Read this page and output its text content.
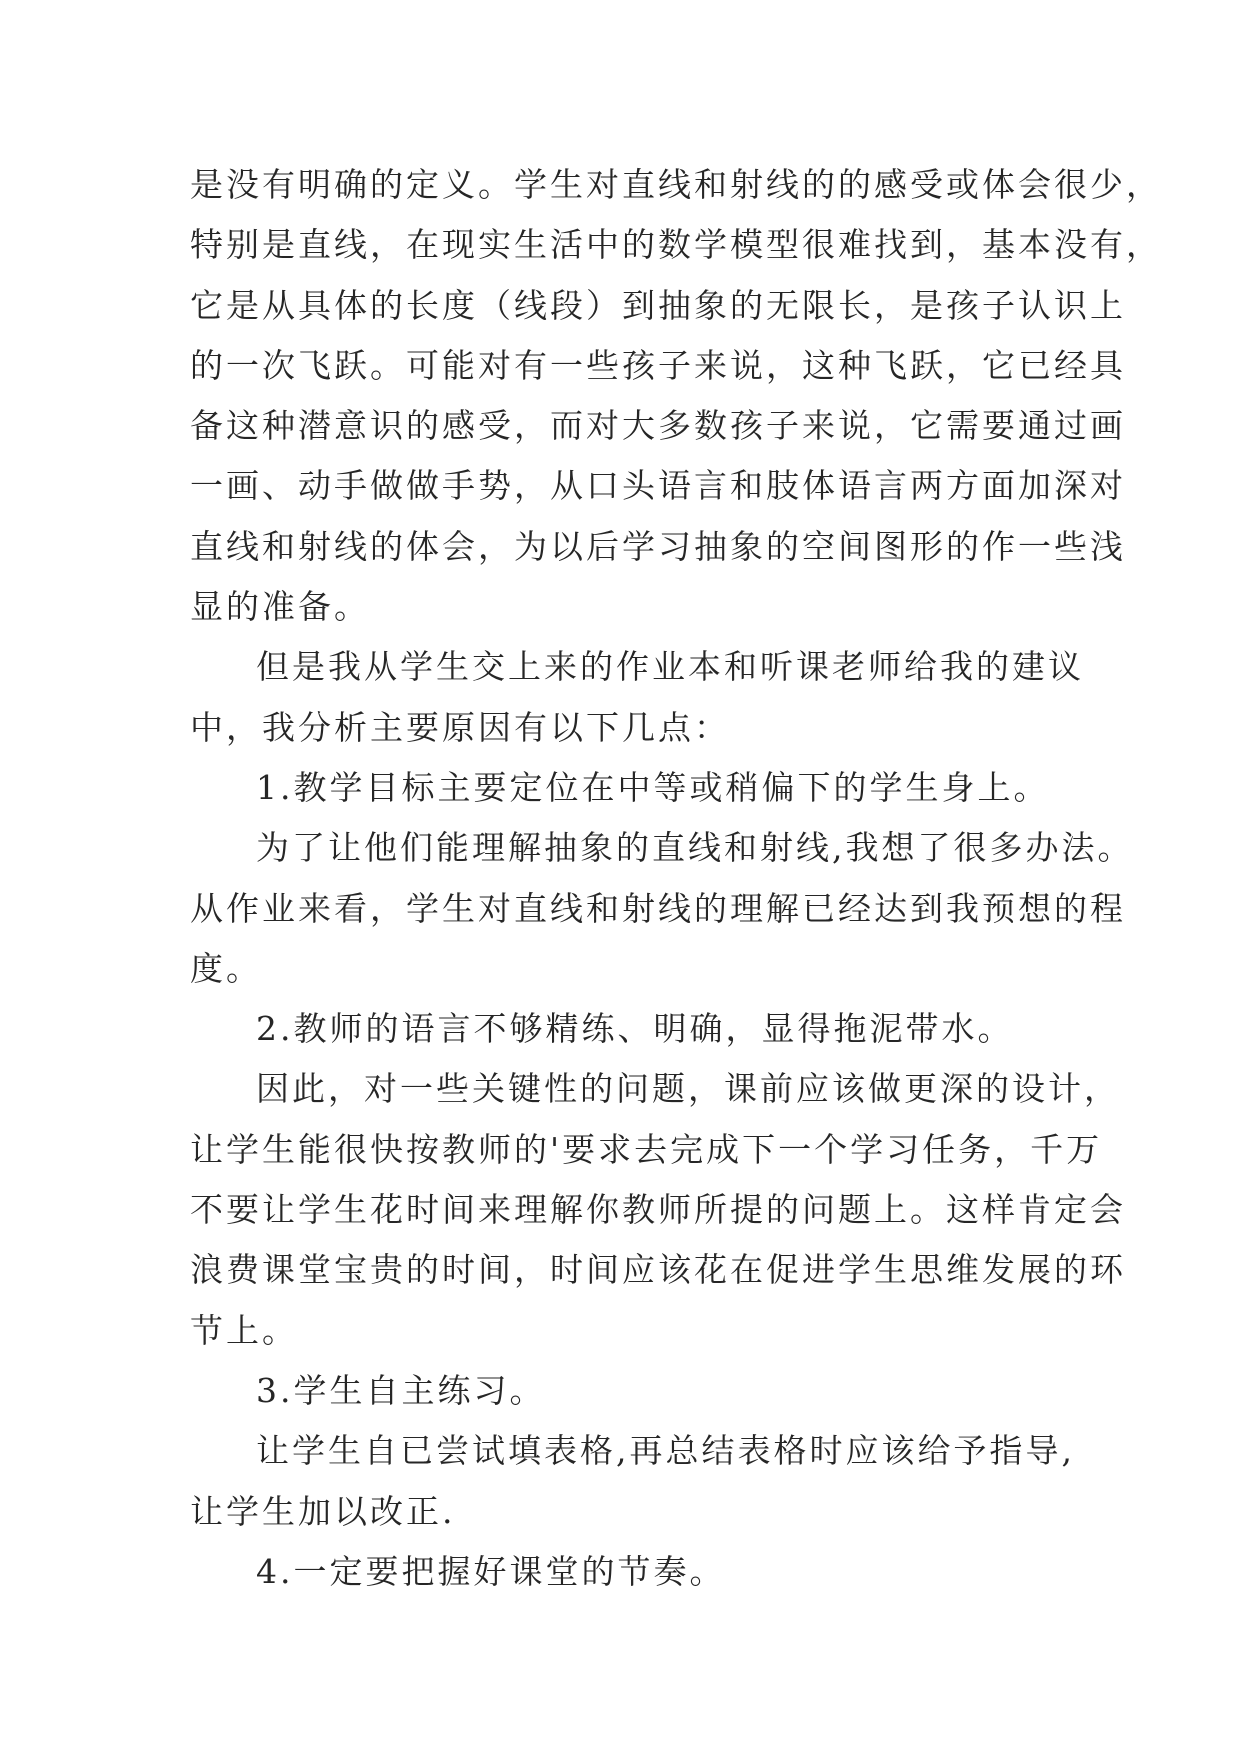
是没有明确的定义。学生对直线和射线的的感受或体会很少，
特别是直线，在现实生活中的数学模型很难找到，基本没有，
它是从具体的长度（线段）到抽象的无限长，是孩子认识上
的一次飞跃。可能对有一些孩子来说，这种飞跃，它已经具
备这种潜意识的感受，而对大多数孩子来说，它需要通过画
一画、动手做做手势，从口头语言和肢体语言两方面加深对
直线和射线的体会，为以后学习抽象的空间图形的作一些浅
显的准备。
但是我从学生交上来的作业本和听课老师给我的建议
中，我分析主要原因有以下几点：
1.教学目标主要定位在中等或稍偏下的学生身上。
为了让他们能理解抽象的直线和射线,我想了很多办法。
从作业来看，学生对直线和射线的理解已经达到我预想的程
度。
2.教师的语言不够精练、明确，显得拖泥带水。
因此，对一些关键性的问题，课前应该做更深的设计，
让学生能很快按教师的'要求去完成下一个学习任务，千万
不要让学生花时间来理解你教师所提的问题上。这样肯定会
浪费课堂宝贵的时间，时间应该花在促进学生思维发展的环
节上。
3.学生自主练习。
让学生自已尝试填表格,再总结表格时应该给予指导,
让学生加以改正.
4.一定要把握好课堂的节奏。
